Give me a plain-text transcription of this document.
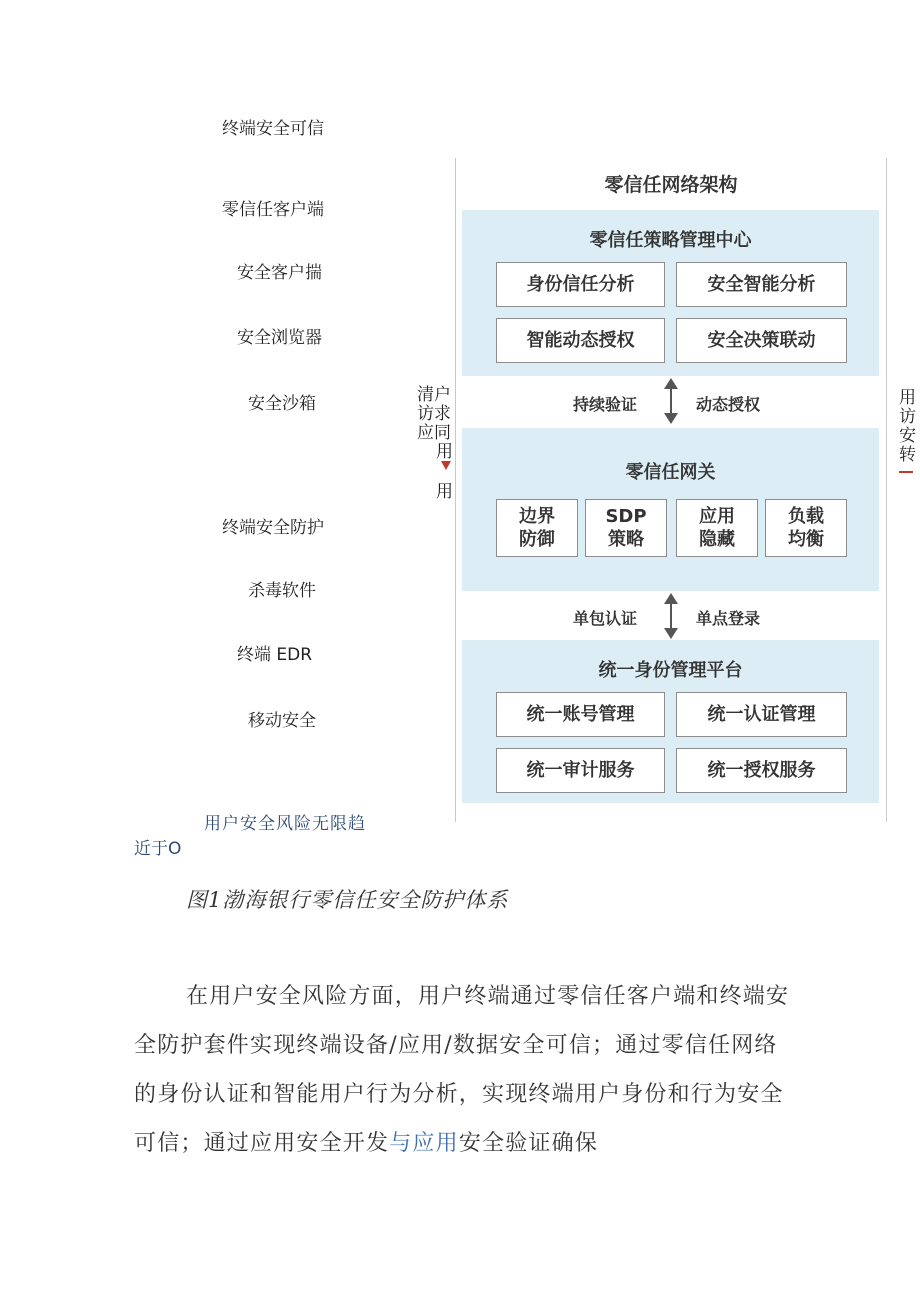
终端安全可信
零信任客户端
安全客户揣
安全浏览器
安全沙箱
终端安全防护
杀毒软件
终端 EDR
移动安全
用户安全风险无限趋
近于O
清户
访求
应同
用
用
零信任网络架构
零信任策略管理中心
身份信任分析	安全智能分析
智能动态授权	安全决策联动
持续验证	动态授权
零信任网关
边界
防御
SDP
策略
应用
隐藏
负载
均衡
单包认证	单点登录
统一身份管理平台
统一账号管理	统一认证管理
统一审计服务	统一授权服务
用
访
安
转
图1渤海银行零信任安全防护体系
在用户安全风险方面，用户终端通过零信任客户端和终端安
全防护套件实现终端设备/应用/数据安全可信；通过零信任网络
的身份认证和智能用户行为分析，实现终端用户身份和行为安全
可信；通过应用安全开发与应用安全验证确保
